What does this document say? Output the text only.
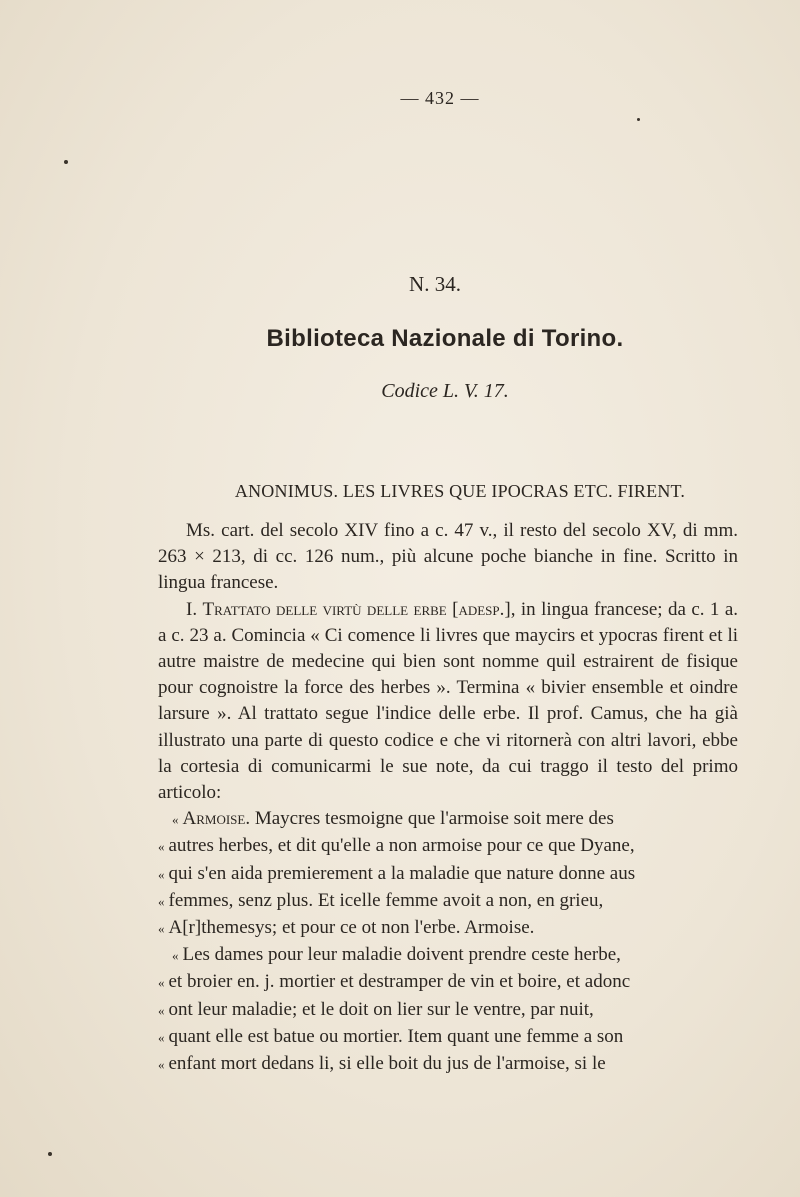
— 432 —
N. 34.
Biblioteca Nazionale di Torino.
Codice L. V. 17.
ANONIMUS. LES LIVRES QUE IPOCRAS ETC. FIRENT.

Ms. cart. del secolo XIV fino a c. 47 v., il resto del secolo XV, di mm. 263 × 213, di cc. 126 num., più alcune poche bianche in fine. Scritto in lingua francese.

I. Trattato delle virtù delle erbe [adesp.], in lingua francese; da c. 1 a. a c. 23 a. Comincia « Ci comence li livres que maycirs et ypocras firent et li autre maistre de medecine qui bien sont nomme quil estrairent de fisique pour cognoistre la force des herbes ». Termina « bivier ensemble et oindre larsure ». Al trattato segue l'indice delle erbe. Il prof. Camus, che ha già illustrato una parte di questo codice e che vi ritornerà con altri lavori, ebbe la cortesia di comunicarmi le sue note, da cui traggo il testo del primo articolo:

« Armoise. Maycres tesmoigne que l'armoise soit mere des

« autres herbes, et dit qu'elle a non armoise pour ce que Dyane,

« qui s'en aida premierement a la maladie que nature donne aus

« femmes, senz plus. Et icelle femme avoit a non, en grieu,

« A[r]themesys; et pour ce ot non l'erbe. Armoise.

« Les dames pour leur maladie doivent prendre ceste herbe,

« et broier en. j. mortier et destramper de vin et boire, et adonc

« ont leur maladie; et le doit on lier sur le ventre, par nuit,

« quant elle est batue ou mortier. Item quant une femme a son

« enfant mort dedans li, si elle boit du jus de l'armoise, si le
